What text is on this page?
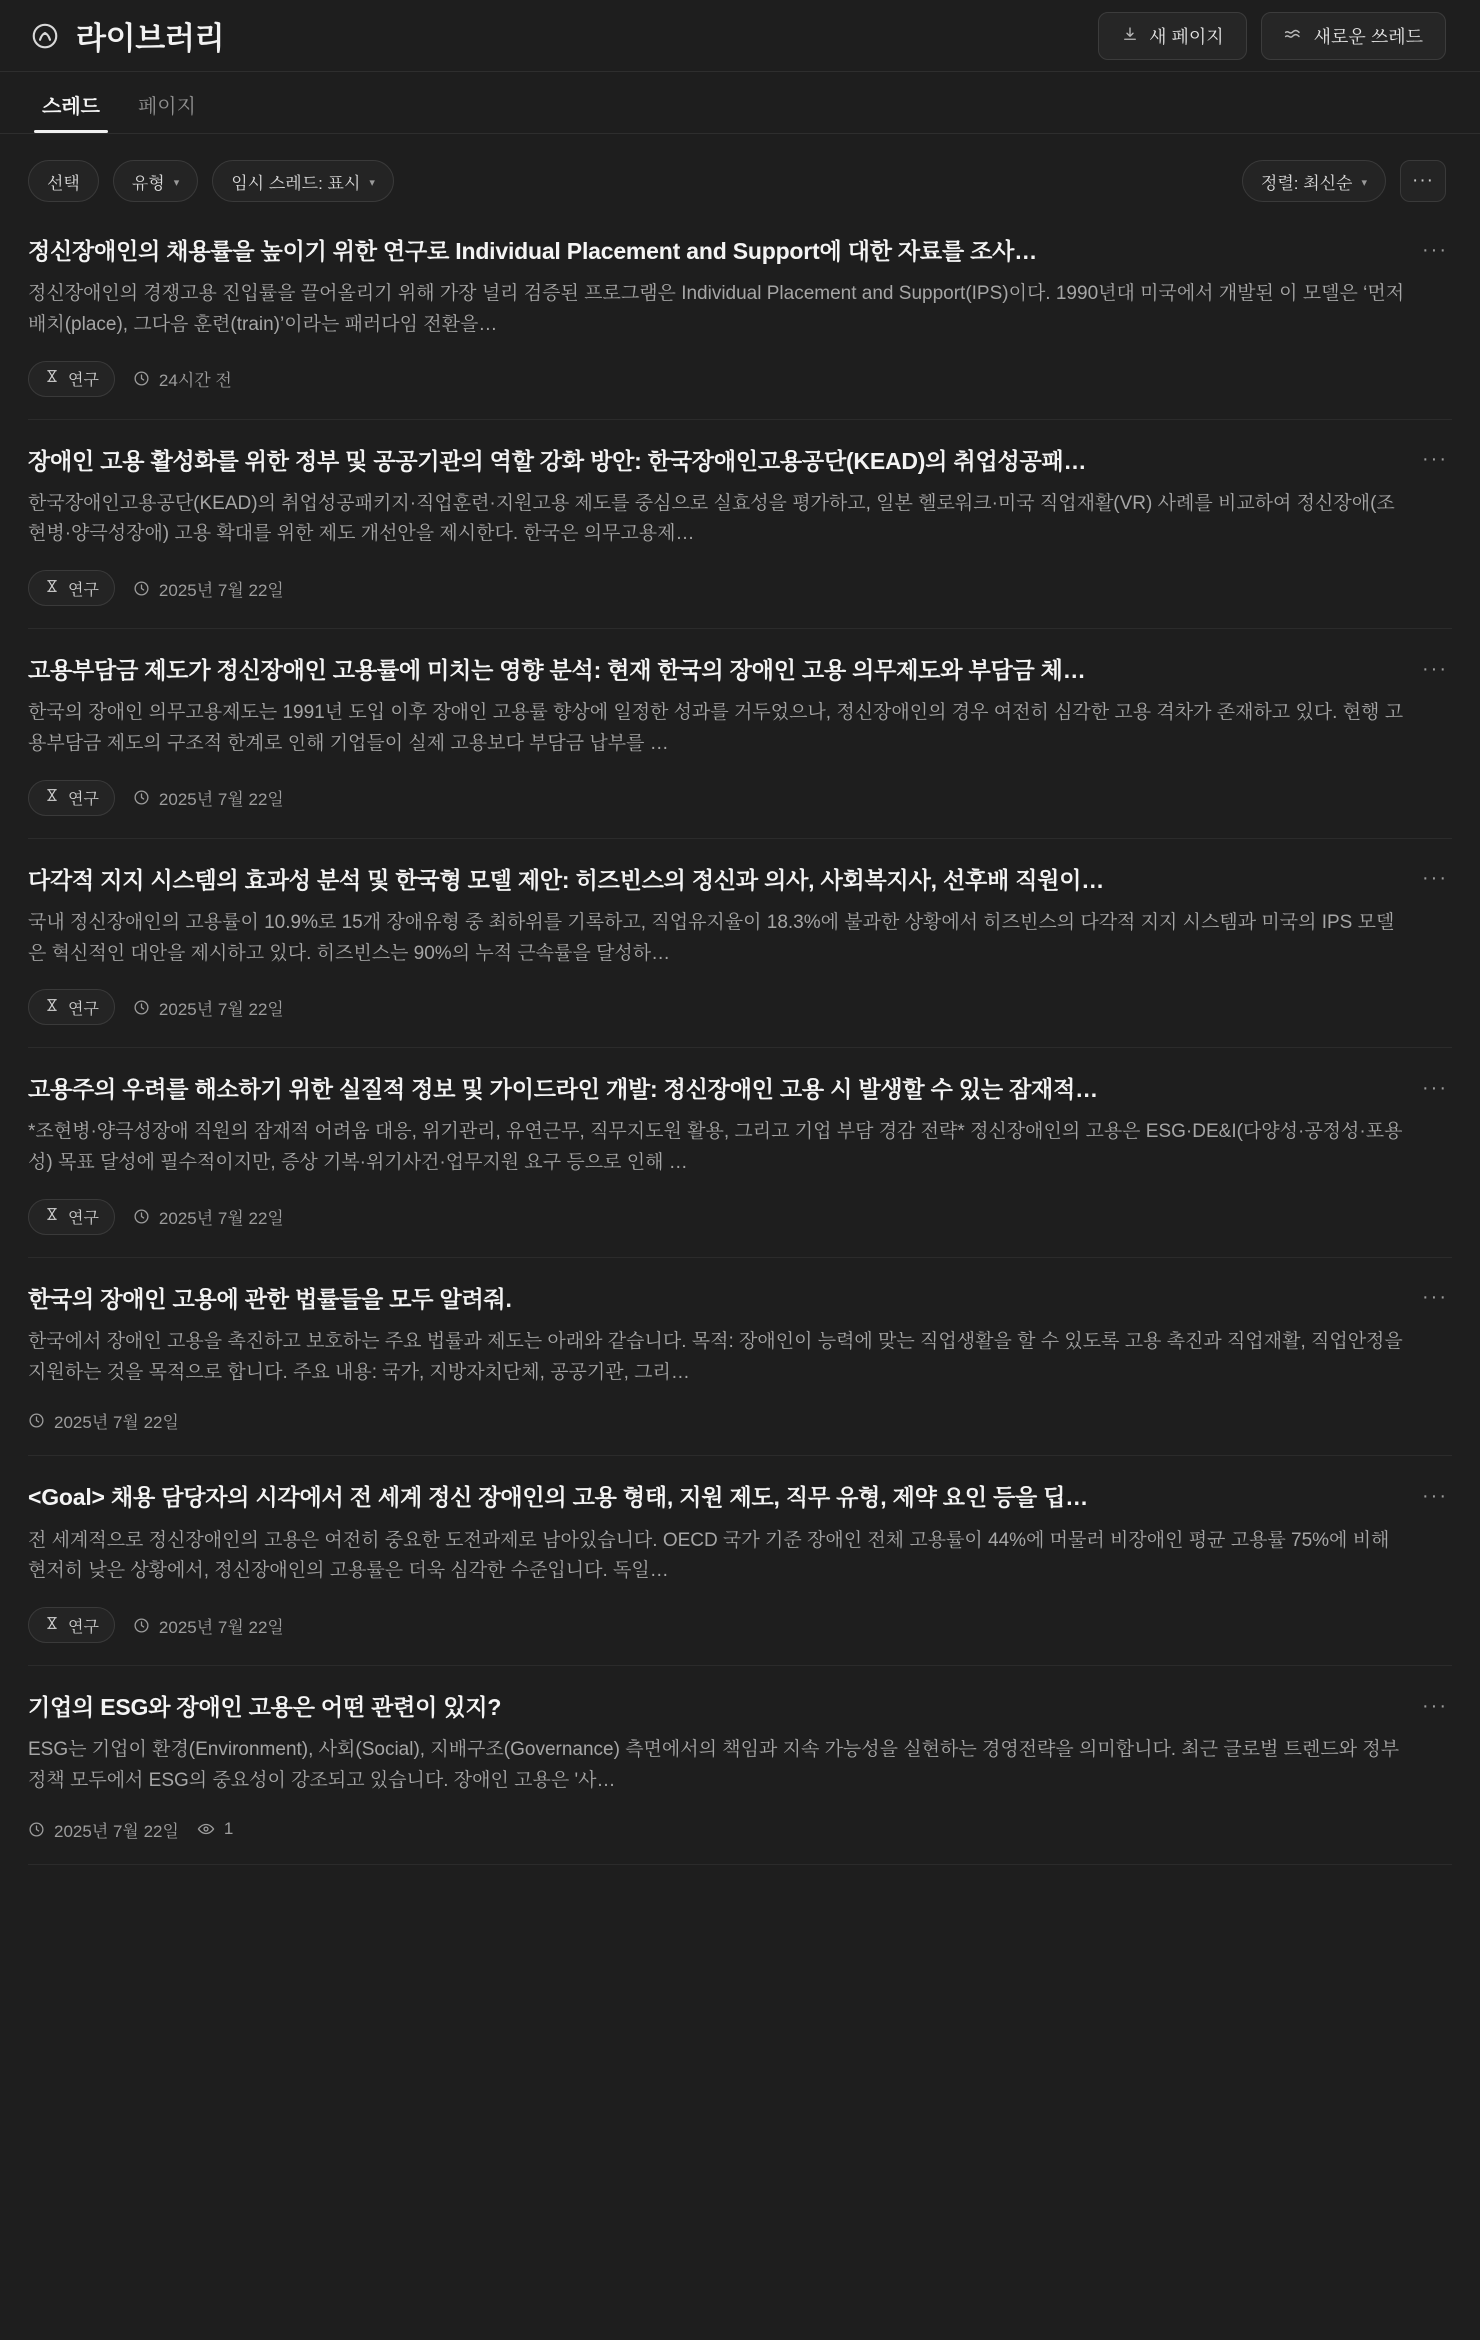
라이브러리	새 페이지	새로운 쓰레드
스레드	페이지
선택	유형 ▾	임시 스레드: 표시 ▾	정렬: 최신순 ▾ ···
정신장애인의 채용률을 높이기 위한 연구로 Individual Placement and Support에 대한 자료를 조사…
정신장애인의 경쟁고용 진입률을 끌어올리기 위해 가장 널리 검증된 프로그램은 Individual Placement and Support(IPS)이다. 1990년대 미국에서 개발된 이 모델은 ‘먼저 배치(place), 그다음 훈련(train)’이라는 패러다임 전환을…
연구	24시간 전
···
장애인 고용 활성화를 위한 정부 및 공공기관의 역할 강화 방안: 한국장애인고용공단(KEAD)의 취업성공패…
한국장애인고용공단(KEAD)의 취업성공패키지·직업훈련·지원고용 제도를 중심으로 실효성을 평가하고, 일본 헬로워크·미국 직업재활(VR) 사례를 비교하여 정신장애(조현병·양극성장애) 고용 확대를 위한 제도 개선안을 제시한다. 한국은 의무고용제…
연구	2025년 7월 22일
···
고용부담금 제도가 정신장애인 고용률에 미치는 영향 분석: 현재 한국의 장애인 고용 의무제도와 부담금 체…
한국의 장애인 의무고용제도는 1991년 도입 이후 장애인 고용률 향상에 일정한 성과를 거두었으나, 정신장애인의 경우 여전히 심각한 고용 격차가 존재하고 있다. 현행 고용부담금 제도의 구조적 한계로 인해 기업들이 실제 고용보다 부담금 납부를 …
연구	2025년 7월 22일
···
다각적 지지 시스템의 효과성 분석 및 한국형 모델 제안: 히즈빈스의 정신과 의사, 사회복지사, 선후배 직원이…
국내 정신장애인의 고용률이 10.9%로 15개 장애유형 중 최하위를 기록하고, 직업유지율이 18.3%에 불과한 상황에서 히즈빈스의 다각적 지지 시스템과 미국의 IPS 모델은 혁신적인 대안을 제시하고 있다. 히즈빈스는 90%의 누적 근속률을 달성하…
연구	2025년 7월 22일
···
고용주의 우려를 해소하기 위한 실질적 정보 및 가이드라인 개발: 정신장애인 고용 시 발생할 수 있는 잠재적…
*조현병·양극성장애 직원의 잠재적 어려움 대응, 위기관리, 유연근무, 직무지도원 활용, 그리고 기업 부담 경감 전략* 정신장애인의 고용은 ESG·DE&I(다양성·공정성·포용성) 목표 달성에 필수적이지만, 증상 기복·위기사건·업무지원 요구 등으로 인해 …
연구	2025년 7월 22일
···
한국의 장애인 고용에 관한 법률들을 모두 알려줘.
한국에서 장애인 고용을 촉진하고 보호하는 주요 법률과 제도는 아래와 같습니다. 목적: 장애인이 능력에 맞는 직업생활을 할 수 있도록 고용 촉진과 직업재활, 직업안정을 지원하는 것을 목적으로 합니다. 주요 내용: 국가, 지방자치단체, 공공기관, 그리…
2025년 7월 22일
···
<Goal> 채용 담당자의 시각에서 전 세계 정신 장애인의 고용 형태, 지원 제도, 직무 유형, 제약 요인 등을 딥…
전 세계적으로 정신장애인의 고용은 여전히 중요한 도전과제로 남아있습니다. OECD 국가 기준 장애인 전체 고용률이 44%에 머물러 비장애인 평균 고용률 75%에 비해 현저히 낮은 상황에서, 정신장애인의 고용률은 더욱 심각한 수준입니다. 독일…
연구	2025년 7월 22일
···
기업의 ESG와 장애인 고용은 어떤 관련이 있지?
ESG는 기업이 환경(Environment), 사회(Social), 지배구조(Governance) 측면에서의 책임과 지속 가능성을 실현하는 경영전략을 의미합니다. 최근 글로벌 트렌드와 정부 정책 모두에서 ESG의 중요성이 강조되고 있습니다. 장애인 고용은 '사…
2025년 7월 22일	1
···
